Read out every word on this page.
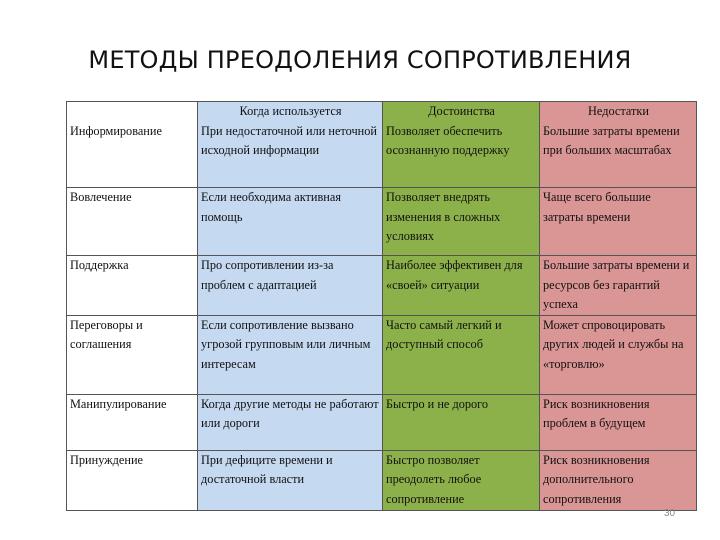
МЕТОДЫ ПРЕОДОЛЕНИЯ СОПРОТИВЛЕНИЯ
	Когда используется	Достоинства	Недостатки
Информирование	При недостаточной или неточной исходной информации	Позволяет обеспечить осознанную поддержку	Большие затраты времени при больших масштабах
Вовлечение	Если необходима активная помощь	Позволяет внедрять изменения в сложных условиях	Чаще всего большие затраты времени
Поддержка	Про сопротивлении из-за проблем с адаптацией	Наиболее эффективен для «своей» ситуации	Большие затраты времени и ресурсов без гарантий успеха
Переговоры и соглашения	Если сопротивление вызвано угрозой групповым или личным интересам	Часто самый легкий и доступный способ	Может спровоцировать других людей и службы на «торговлю»
Манипулирование	Когда другие методы не работают или дороги	Быстро и не дорого	Риск возникновения проблем в будущем
Принуждение	При дефиците времени и достаточной власти	Быстро позволяет преодолеть любое сопротивление	Риск возникновения дополнительного сопротивления
30
